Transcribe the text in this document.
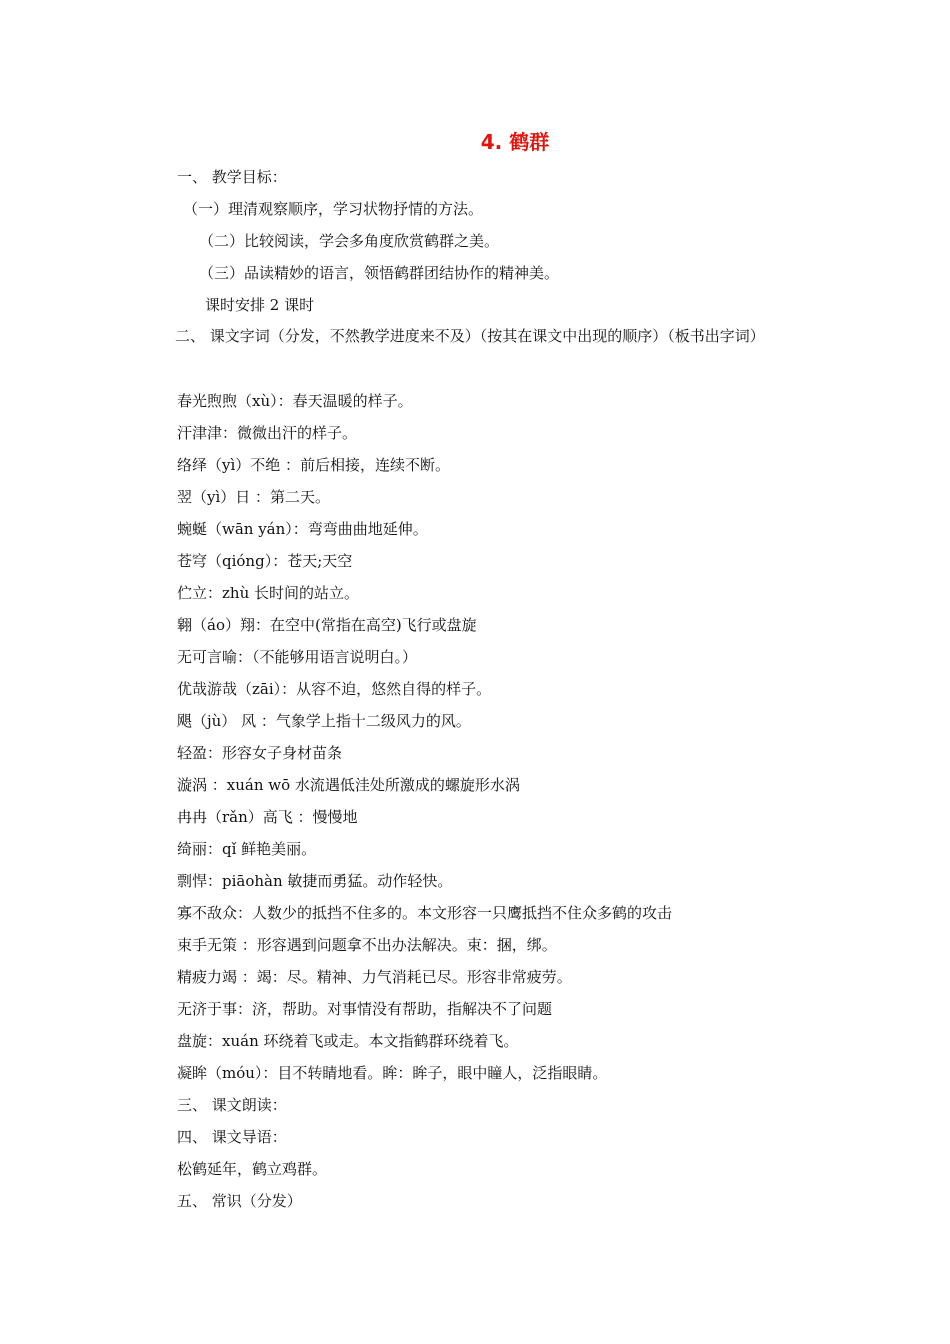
4. 鹤群
一、 教学目标：
（一）理清观察顺序，学习状物抒情的方法。
（二）比较阅读，学会多角度欣赏鹤群之美。
（三）品读精妙的语言，领悟鹤群团结协作的精神美。
课时安排 2 课时
二、 课文字词（分发，不然教学进度来不及）（按其在课文中出现的顺序）（板书出字词）
春光煦煦（xù）：春天温暖的样子。
汗津津：微微出汗的样子。
络绎（yì）不绝 ：前后相接，连续不断。
翌（yì）日 ：第二天。
蜿蜒（wān yán）：弯弯曲曲地延伸。
苍穹（qióng）：苍天;天空
伫立：zhù 长时间的站立。
翱（áo）翔：在空中(常指在高空)飞行或盘旋
无可言喻：（不能够用语言说明白。）
优哉游哉（zāi）：从容不迫，悠然自得的样子。
飓（jù） 风 ：气象学上指十二级风力的风。
轻盈：形容女子身材苗条
漩涡 ：xuán wō 水流遇低洼处所激成的螺旋形水涡
冉冉（rǎn）高飞 ：慢慢地
绮丽：qǐ 鲜艳美丽。
剽悍：piāohàn 敏捷而勇猛。动作轻快。
寡不敌众：人数少的抵挡不住多的。本文形容一只鹰抵挡不住众多鹤的攻击
束手无策 ：形容遇到问题拿不出办法解决。束：捆，绑。
精疲力竭 ：竭：尽。精神、力气消耗已尽。形容非常疲劳。
无济于事：济，帮助。对事情没有帮助，指解决不了问题
盘旋：xuán 环绕着飞或走。本文指鹤群环绕着飞。
凝眸（móu）：目不转睛地看。眸：眸子，眼中瞳人，泛指眼睛。
三、 课文朗读：
四、 课文导语：
松鹤延年，鹤立鸡群。
五、 常识（分发）
